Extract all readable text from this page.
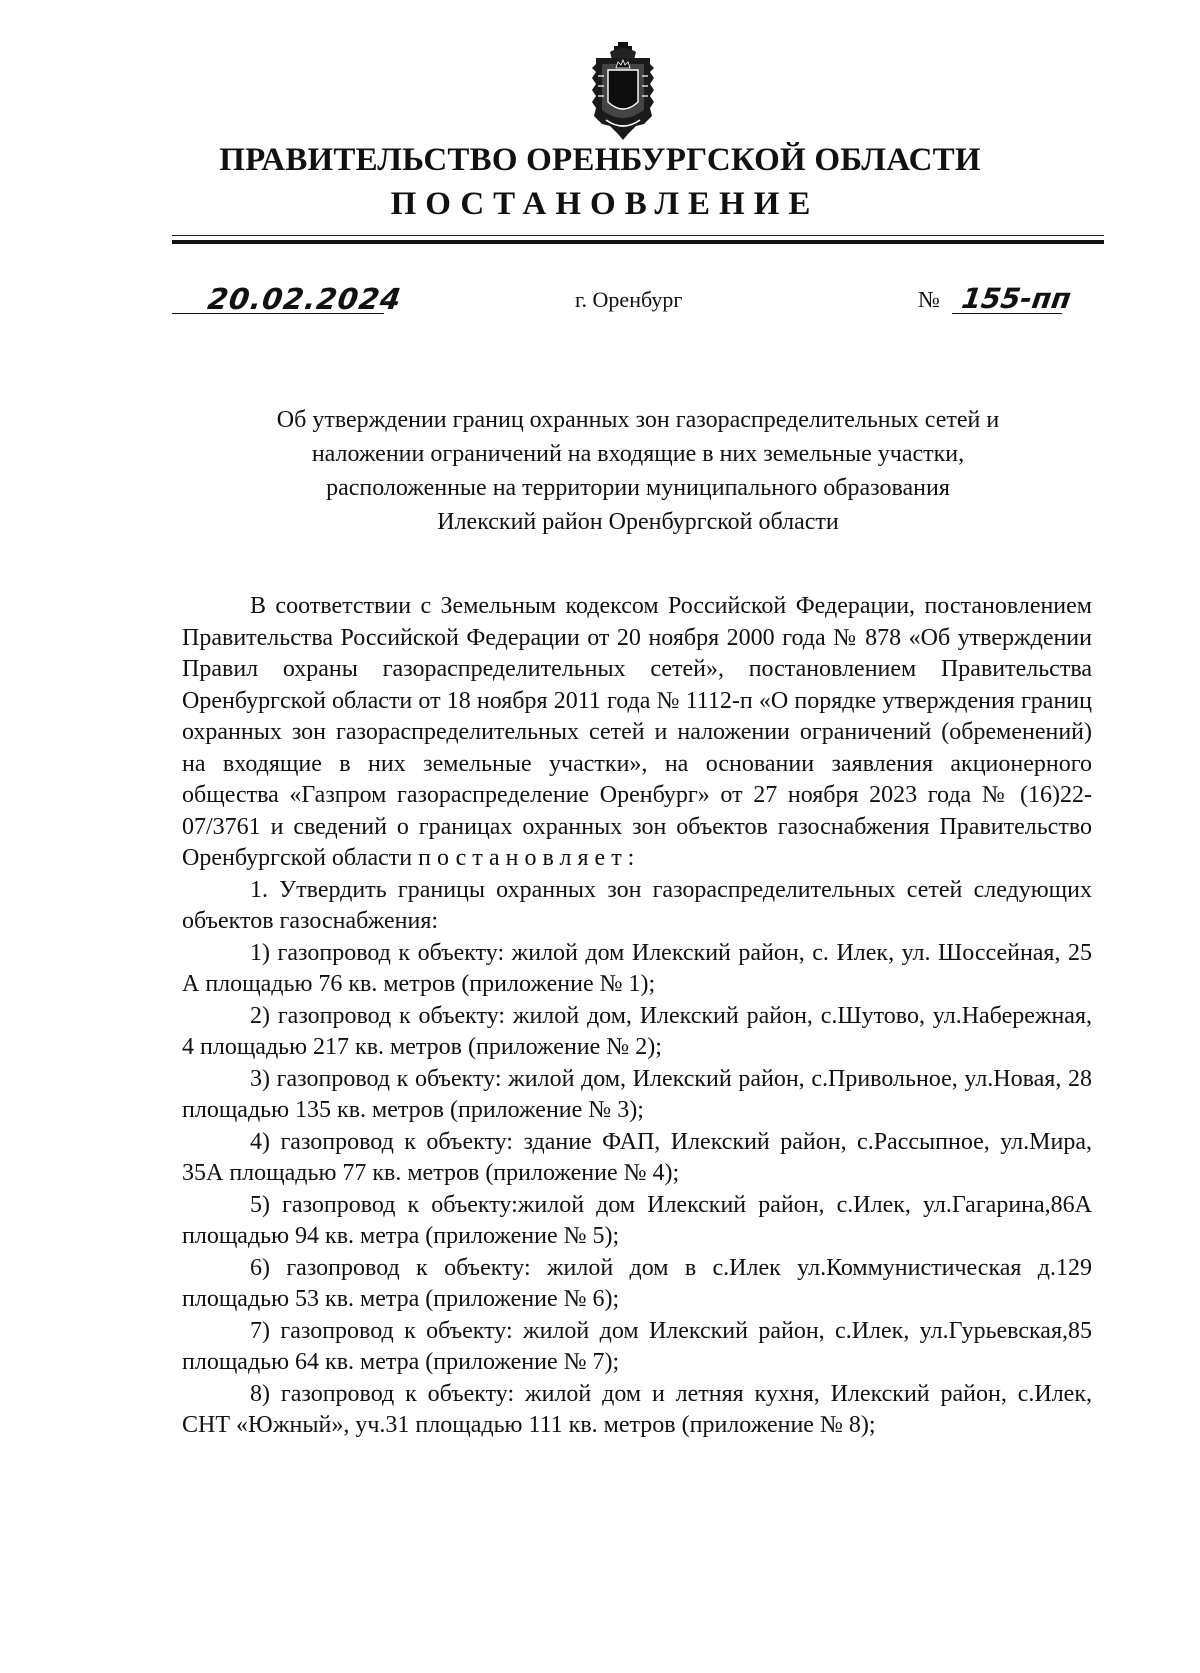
ПРАВИТЕЛЬСТВО ОРЕНБУРГСКОЙ ОБЛАСТИ
ПОСТАНОВЛЕНИЕ
20.02.2024	г. Оренбург	№ 155-пп
Об утверждении границ охранных зон газораспределительных сетей и
наложении ограничений на входящие в них земельные участки,
расположенные на территории муниципального образования
Илекский район Оренбургской области

В соответствии с Земельным кодексом Российской Федерации, постановлением Правительства Российской Федерации от 20 ноября 2000 года № 878 «Об утверждении Правил охраны газораспределительных сетей», постановлением Правительства Оренбургской области от 18 ноября 2011 года № 1112-п «О порядке утверждения границ охранных зон газораспределительных сетей и наложении ограничений (обременений) на входящие в них земельные участки», на основании заявления акционерного общества «Газпром газораспределение Оренбург» от 27 ноября 2023 года № (16)22-07/3761 и сведений о границах охранных зон объектов газоснабжения Правительство Оренбургской области постановляет:

1. Утвердить границы охранных зон газораспределительных сетей следующих объектов газоснабжения:

1) газопровод к объекту: жилой дом Илекский район, с. Илек, ул. Шоссейная, 25 А площадью 76 кв. метров (приложение № 1);

2) газопровод к объекту: жилой дом, Илекский район, с.Шутово, ул.Набережная, 4 площадью 217 кв. метров (приложение № 2);

3) газопровод к объекту: жилой дом, Илекский район, с.Привольное, ул.Новая, 28 площадью 135 кв. метров (приложение № 3);

4) газопровод к объекту: здание ФАП, Илекский район, с.Рассыпное, ул.Мира, 35А площадью 77 кв. метров (приложение № 4);

5) газопровод к объекту:жилой дом Илекский район, с.Илек, ул.Гагарина,86А площадью 94 кв. метра (приложение № 5);

6) газопровод к объекту: жилой дом в с.Илек ул.Коммунистическая д.129 площадью 53 кв. метра (приложение № 6);

7) газопровод к объекту: жилой дом Илекский район, с.Илек, ул.Гурьевская,85 площадью 64 кв. метра (приложение № 7);

8) газопровод к объекту: жилой дом и летняя кухня, Илекский район, с.Илек, СНТ «Южный», уч.31 площадью 111 кв. метров (приложение № 8);
